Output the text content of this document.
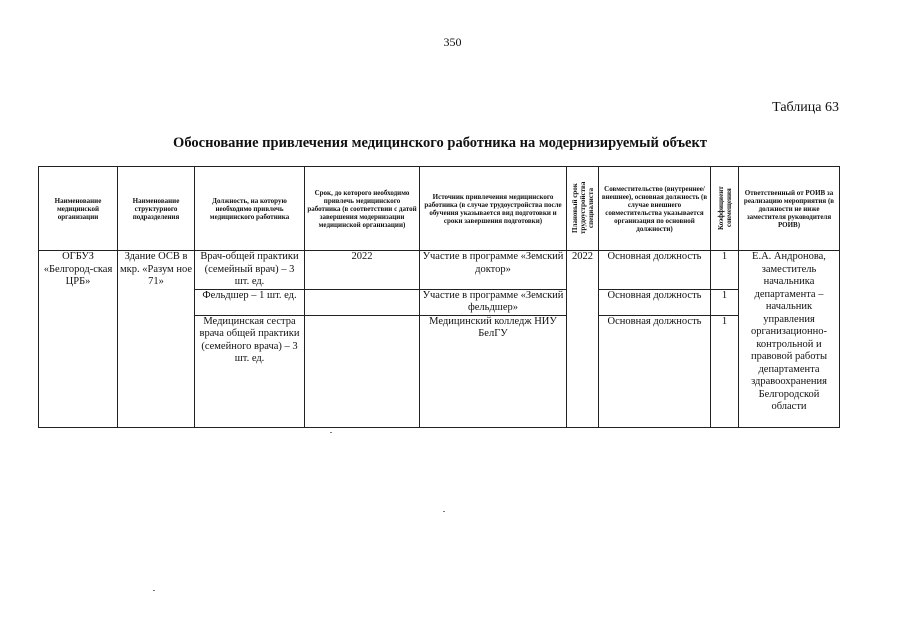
350
Таблица 63
Обоснование привлечения медицинского работника на модернизируемый объект
Наименование медицинской организации	Наименование структурного подразделения	Должность, на которую необходимо привлечь медицинского работника	Срок, до которого необходимо привлечь медицинского работника (в соответствии с датой завершения модернизации медицинской организации)	Источник привлечения медицинского работника (в случае трудоустройства после обучения указывается вид подготовки и сроки завершения подготовки)	Плановый срок трудоустройства специалиста	Совместительство (внутреннее/ внешнее), основная должность (в случае внешнего совместительства указывается организация по основной должности)	Коэффициент совмещения	Ответственный от РОИВ за реализацию мероприятия (в должности не ниже заместителя руководителя РОИВ)
ОГБУЗ «Белгород-ская ЦРБ»	Здание ОСВ в мкр. «Разум ное 71»	Врач-общей практики (семейный врач) – 3 шт. ед.	2022	Участие в программе «Земский доктор»	2022	Основная должность	1	Е.А. Андронова, заместитель начальника департамента – начальник управления организационно-контрольной и правовой работы департамента здравоохранения Белгородской области
		Фельдшер – 1 шт. ед.		Участие в программе «Земский фельдшер»		Основная должность	1	
		Медицинская сестра врача общей практики (семейного врача) – 3 шт. ед.		Медицинский колледж НИУ БелГУ		Основная должность	1	
